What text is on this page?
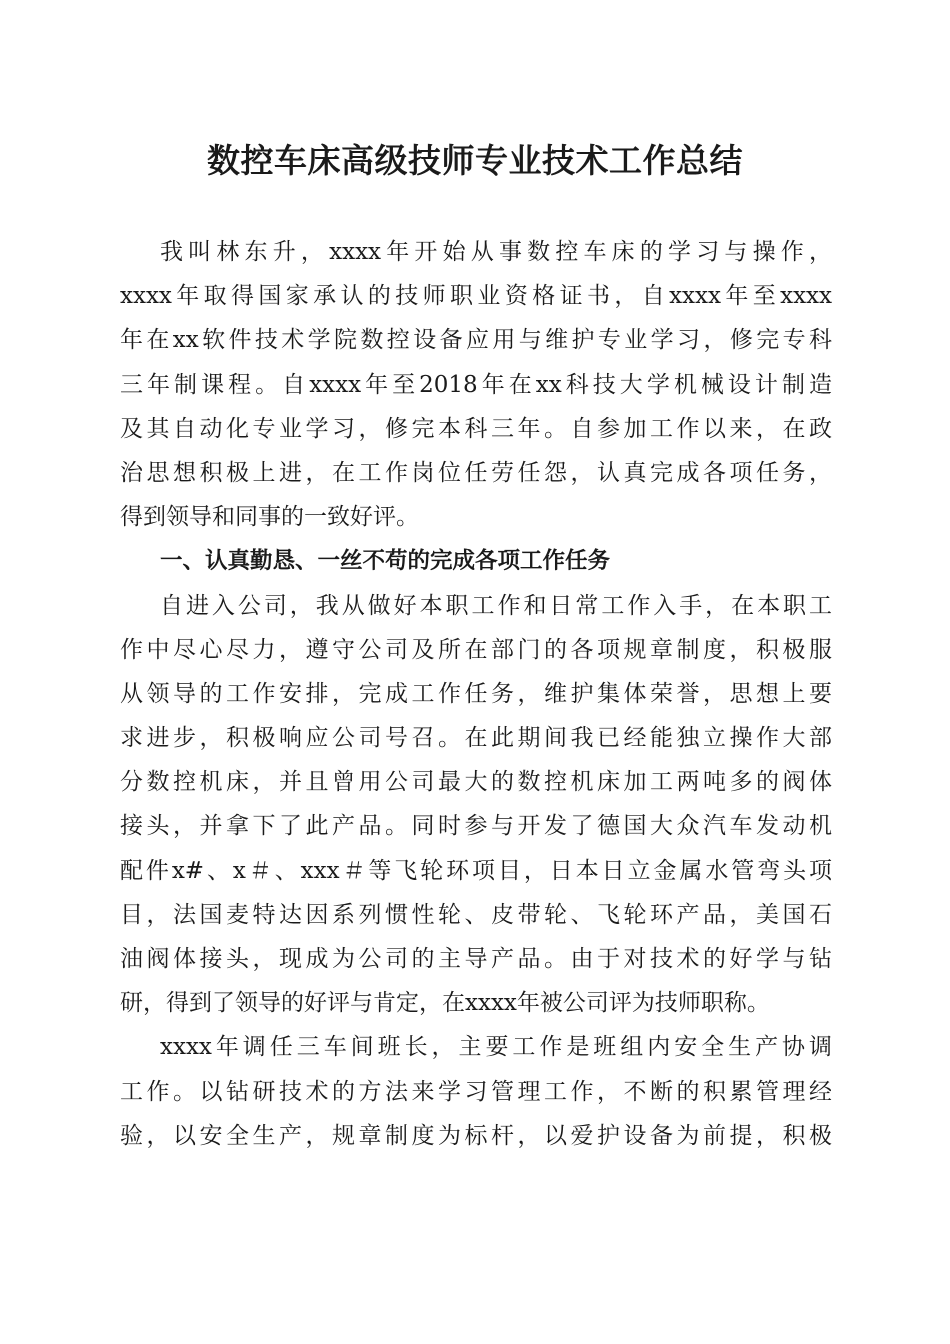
数控车床高级技师专业技术工作总结
我叫林东升，xxxx年开始从事数控车床的学习与操作，
xxxx年取得国家承认的技师职业资格证书，自xxxx年至xxxx
年在xx软件技术学院数控设备应用与维护专业学习，修完专科
三年制课程。自xxxx年至2018年在xx科技大学机械设计制造
及其自动化专业学习，修完本科三年。自参加工作以来，在政
治思想积极上进，在工作岗位任劳任怨，认真完成各项任务，
得到领导和同事的一致好评。
一、认真勤恳、一丝不苟的完成各项工作任务
自进入公司，我从做好本职工作和日常工作入手，在本职工
作中尽心尽力，遵守公司及所在部门的各项规章制度，积极服
从领导的工作安排，完成工作任务，维护集体荣誉，思想上要
求进步，积极响应公司号召。在此期间我已经能独立操作大部
分数控机床，并且曾用公司最大的数控机床加工两吨多的阀体
接头，并拿下了此产品。同时参与开发了德国大众汽车发动机
配件x#、x＃、xxx＃等飞轮环项目，日本日立金属水管弯头项
目，法国麦特达因系列惯性轮、皮带轮、飞轮环产品，美国石
油阀体接头，现成为公司的主导产品。由于对技术的好学与钻
研，得到了领导的好评与肯定，在xxxx年被公司评为技师职称。
xxxx年调任三车间班长，主要工作是班组内安全生产协调
工作。以钻研技术的方法来学习管理工作，不断的积累管理经
验，以安全生产，规章制度为标杆，以爱护设备为前提，积极
